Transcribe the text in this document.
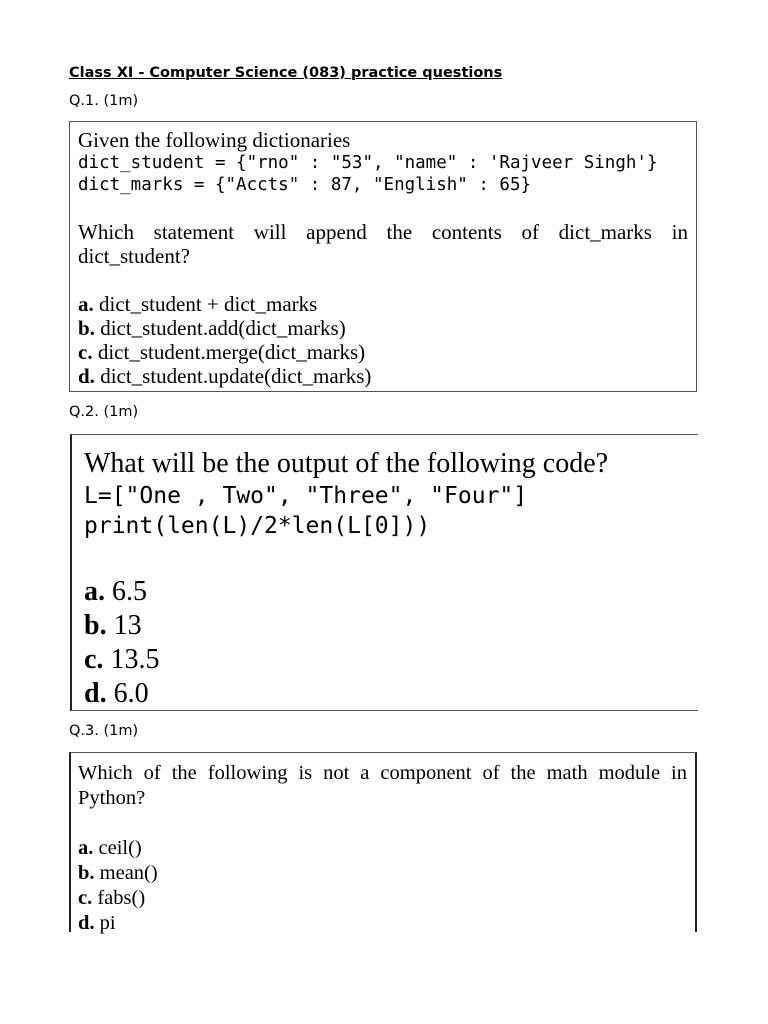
Class XI - Computer Science (083) practice questions

Q.1. (1m)

Given the following dictionaries

dict_student = {"rno" : "53", "name" : 'Rajveer Singh'}

dict_marks = {"Accts" : 87, "English" : 65}

Which statement will append the contents of dict_marks in

dict_student?

a. dict_student + dict_marks

b. dict_student.add(dict_marks)

c. dict_student.merge(dict_marks)

d. dict_student.update(dict_marks)

Q.2. (1m)

What will be the output of the following code?

L=["One , Two", "Three", "Four"]

print(len(L)/2*len(L[0]))

a. 6.5

b. 13

c. 13.5

d. 6.0

Q.3. (1m)

Which of the following is not a component of the math module in

Python?

a. ceil()

b. mean()

c. fabs()

d. pi
